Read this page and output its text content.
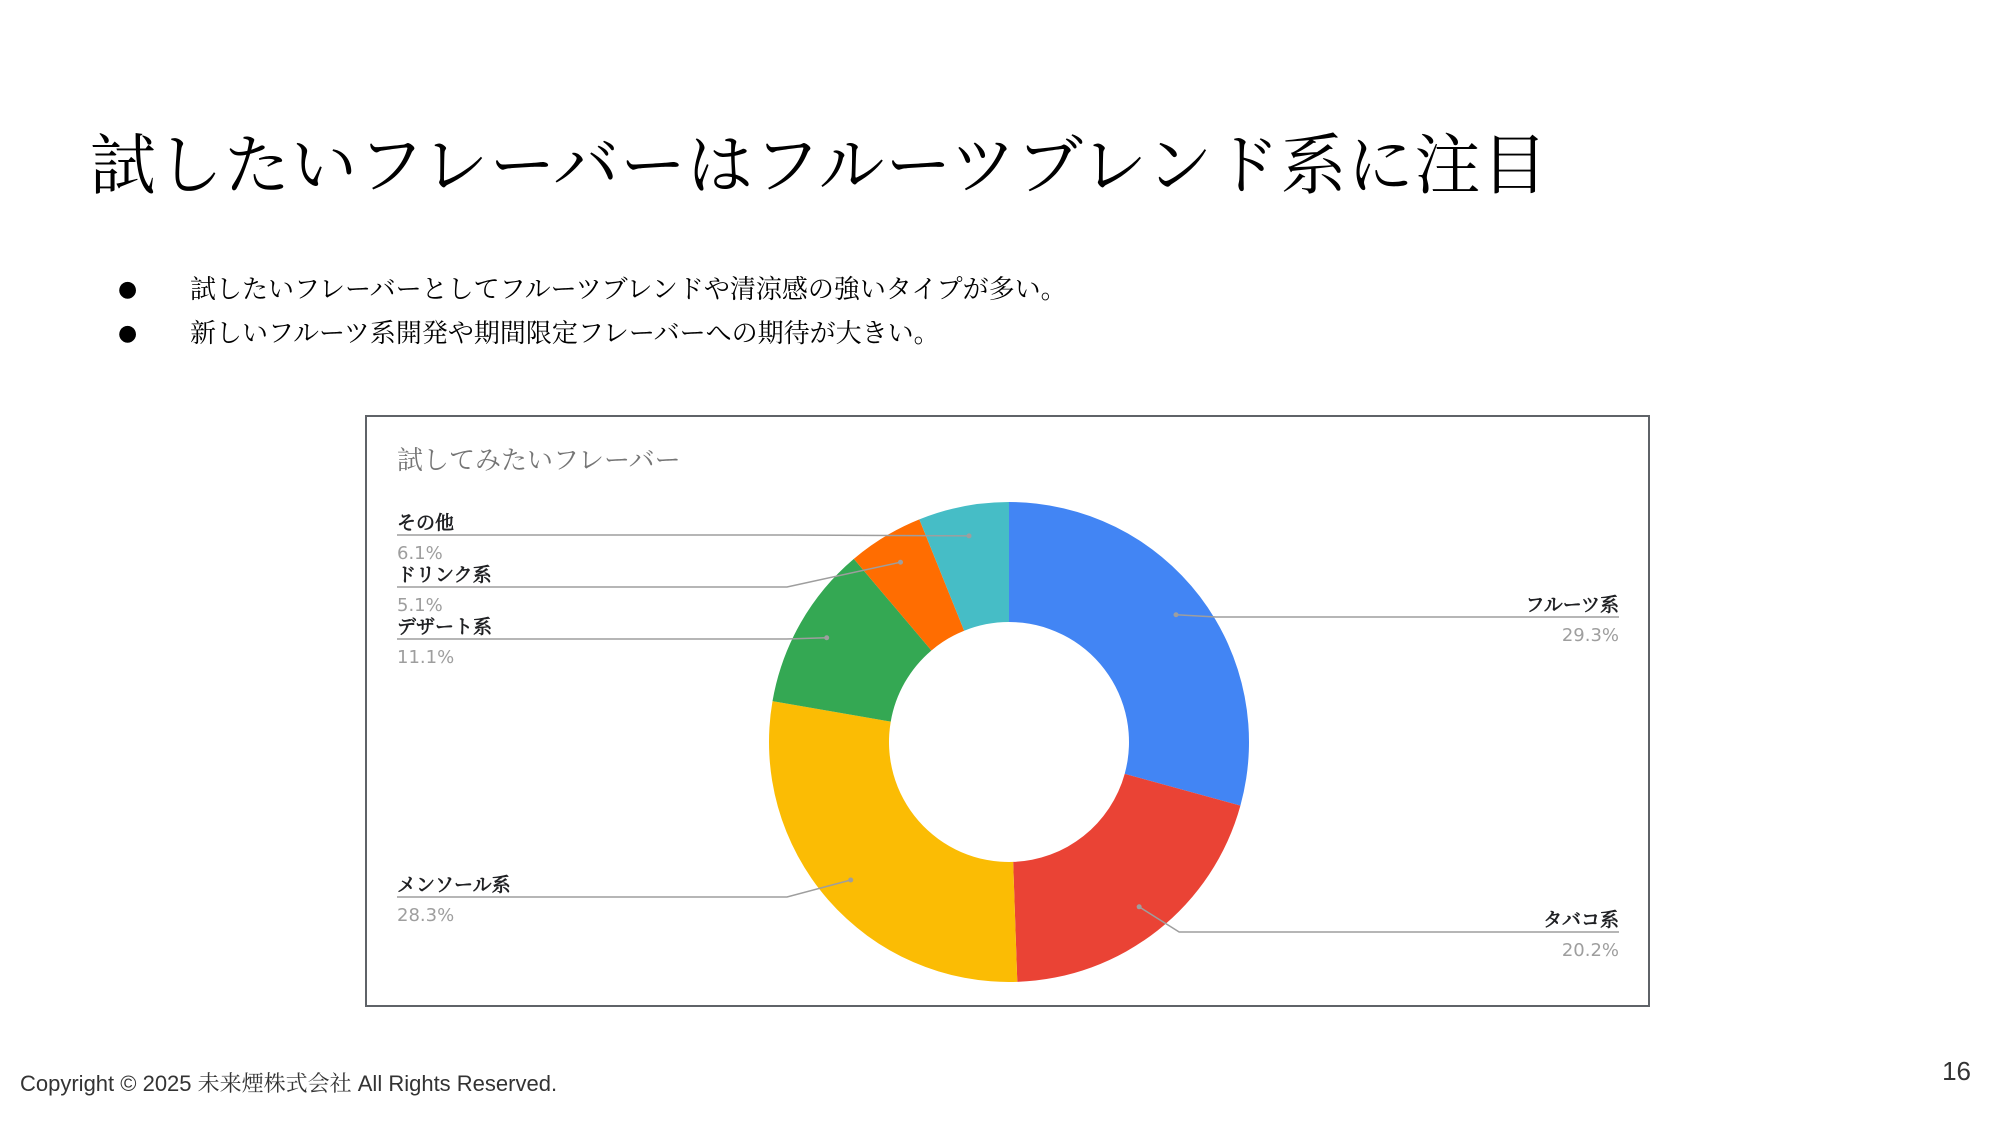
試したいフレーバーはフルーツブレンド系に注目
● 試したいフレーバーとしてフルーツブレンドや清涼感の強いタイプが多い。
● 新しいフルーツ系開発や期間限定フレーバーへの期待が大きい。
試してみたいフレーバー
フルーツ系
29.3%
タバコ系
20.2%
メンソール系
28.3%
デザート系
11.1%
ドリンク系
5.1%
その他
6.1%
Copyright © 2025 未来煙株式会社 All Rights Reserved.	16
